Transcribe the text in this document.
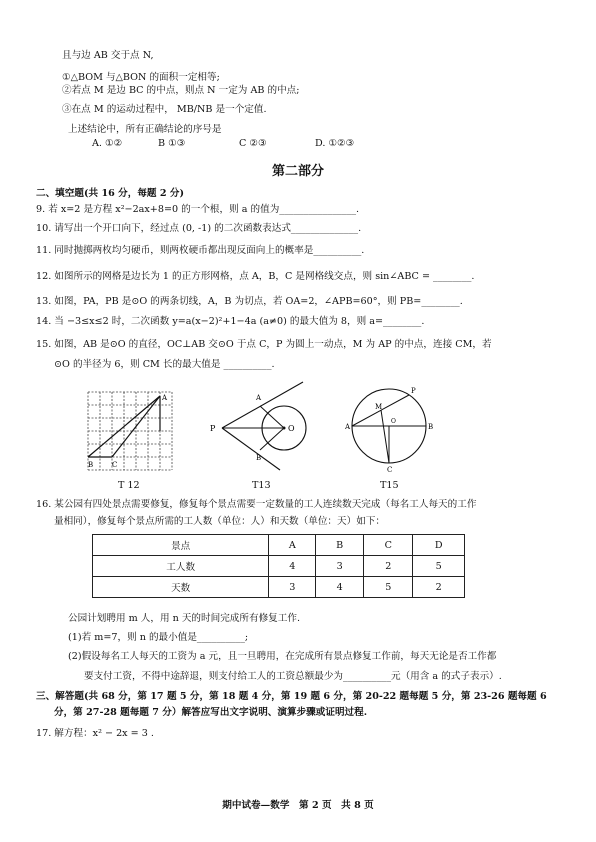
且与边 AB 交于点 N,
①△BOM 与△BON 的面积一定相等;
②若点 M 是边 BC 的中点，则点 N 一定为 AB 的中点;
③在点 M 的运动过程中， MB/NB 是一个定值.
上述结论中，所有正确结论的序号是
A. ①②	B ①③	C ②③	D. ①②③
第二部分
二、填空题(共 16 分，每题 2 分)
9. 若 x=2 是方程 x²−2ax+8=0 的一个根，则 a 的值为________________.
10. 请写出一个开口向下，经过点 (0, -1) 的二次函数表达式______________.
11. 同时抛掷两枚均匀硬币，则两枚硬币都出现反面向上的概率是__________.
12. 如图所示的网格是边长为 1 的正方形网格，点 A，B，C 是网格线交点，则 sin∠ABC = ________.
13. 如图，PA，PB 是⊙O 的两条切线，A，B 为切点，若 OA=2，∠APB=60°，则 PB=________.
14. 当 −3≤x≤2 时，二次函数 y=a(x−2)²+1−4a (a≠0) 的最大值为 8，则 a=________.
15. 如图，AB 是⊙O 的直径，OC⊥AB 交⊙O 于点 C，P 为圆上一动点，M 为 AP 的中点，连接 CM，若
⊙O 的半径为 6，则 CM 长的最大值是 __________.
A
B	C
T 12
P
A
B
O
T13
A	B
P
M
C
O
T15
16. 某公园有四处景点需要修复，修复每个景点需要一定数量的工人连续数天完成（每名工人每天的工作
量相同），修复每个景点所需的工人数（单位：人）和天数（单位：天）如下：
景点	A	B	C	D
工人数	4	3	2	5
天数	3	4	5	2
公园计划聘用 m 人，用 n 天的时间完成所有修复工作.
(1)若 m=7，则 n 的最小值是__________;
(2)假设每名工人每天的工资为 a 元，且一旦聘用，在完成所有景点修复工作前，每天无论是否工作都
要支付工资，不得中途辞退，则支付给工人的工资总额最少为__________元（用含 a 的式子表示）.
三、解答题(共 68 分，第 17 题 5 分，第 18 题 4 分，第 19 题 6 分，第 20-22 题每题 5 分，第 23-26 题每题 6
分，第 27-28 题每题 7 分）解答应写出文字说明、演算步骤或证明过程.
17. 解方程：x² − 2x = 3 .
期中试卷—数学　第 2 页　共 8 页
